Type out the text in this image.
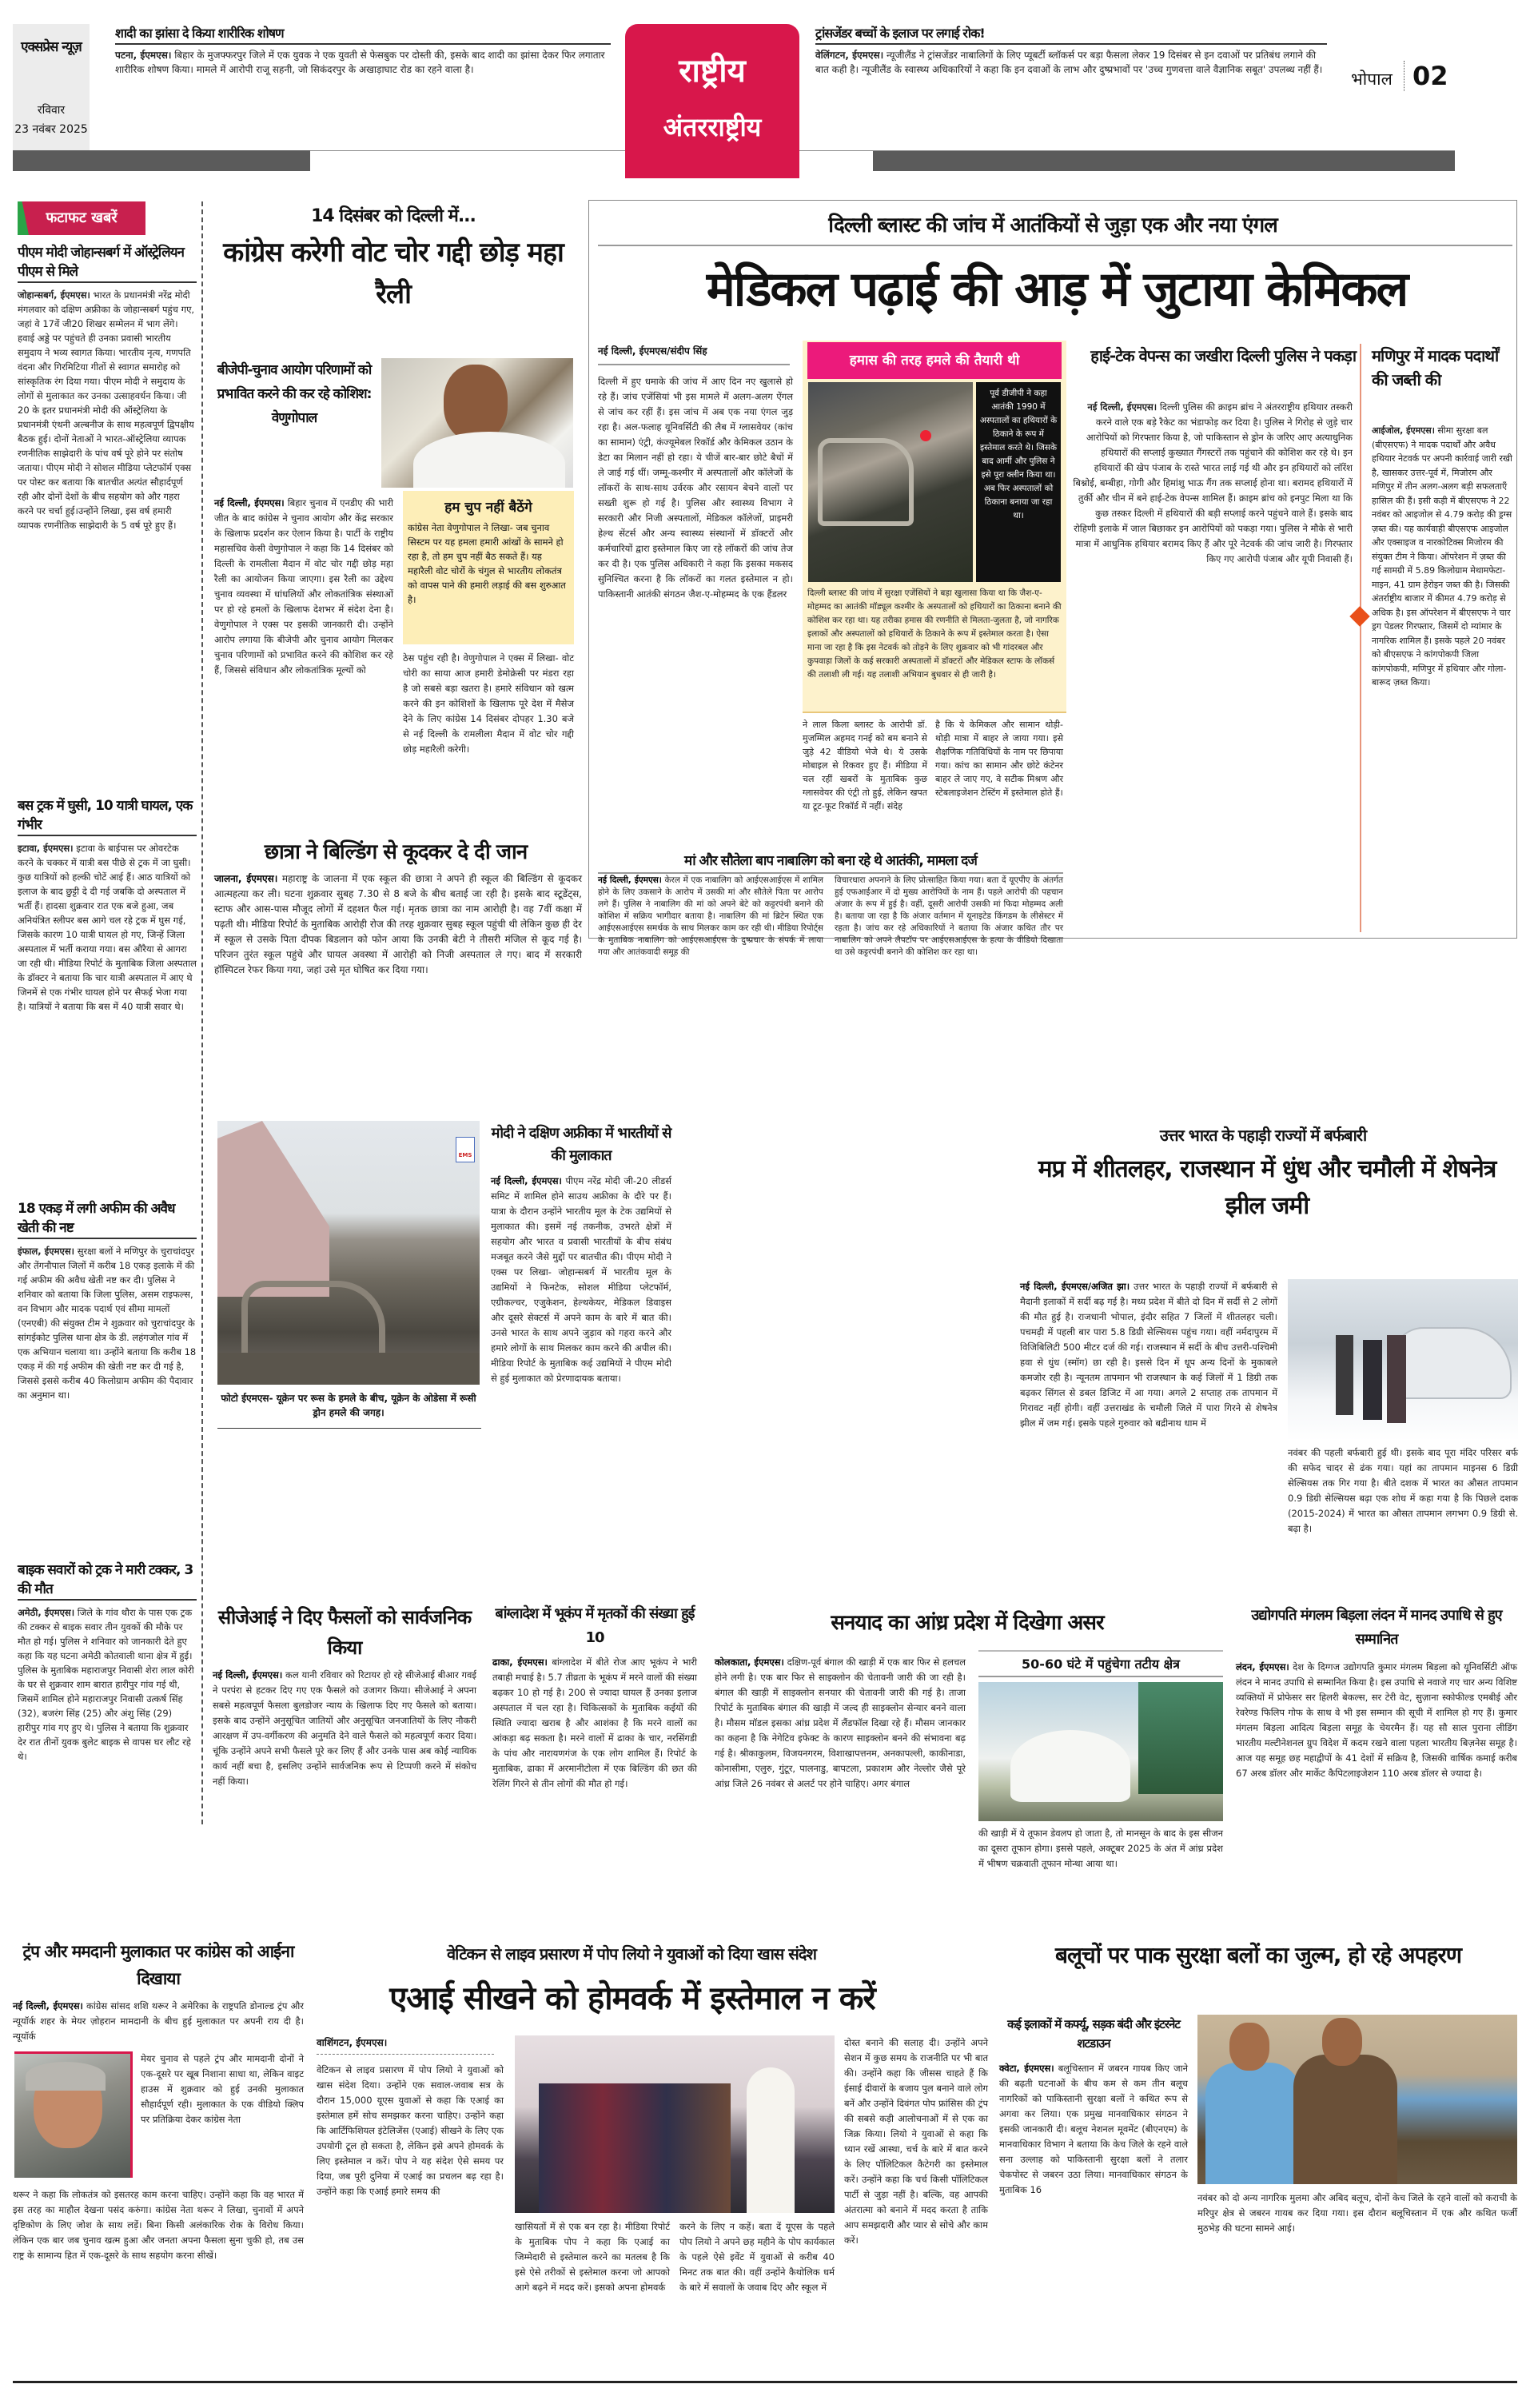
एक्सप्रेस न्यूज़
रविवार
23 नवंबर 2025
राष्ट्रीय
अंतरराष्ट्रीय
भोपाल 02
शादी का झांसा दे किया शारीरिक शोषण
पटना, ईएमएस। बिहार के मुजफ्फरपुर जिले में एक युवक ने एक युवती से फेसबुक पर दोस्ती की, इसके बाद शादी का झांसा देकर फिर लगातार शारीरिक शोषण किया। मामले में आरोपी राजू सहनी, जो सिकंदरपुर के अखाड़ाघाट रोड का रहने वाला है।
ट्रांसजेंडर बच्चों के इलाज पर लगाई रोक!
वेलिंगटन, ईएमएस। न्यूजीलैंड ने ट्रांसजेंडर नाबालिगों के लिए प्यूबर्टी ब्लॉकर्स पर बड़ा फैसला लेकर 19 दिसंबर से इन दवाओं पर प्रतिबंध लगाने की बात कही है। न्यूजीलैंड के स्वास्थ्य अधिकारियों ने कहा कि इन दवाओं के लाभ और दुष्प्रभावों पर 'उच्च गुणवत्ता वाले वैज्ञानिक सबूत' उपलब्ध नहीं हैं।
फटाफट खबरें
पीएम मोदी जोहान्सबर्ग में ऑस्ट्रेलियन पीएम से मिले
जोहान्सबर्ग, ईएमएस। भारत के प्रधानमंत्री नरेंद्र मोदी मंगलवार को दक्षिण अफ्रीका के जोहान्सबर्ग पहुंच गए, जहां वे 17वें जी20 शिखर सम्मेलन में भाग लेंगे। हवाई अड्डे पर पहुंचते ही उनका प्रवासी भारतीय समुदाय ने भव्य स्वागत किया। भारतीय नृत्य, गणपति वंदना और गिरमिटिया गीतों से स्वागत समारोह को सांस्कृतिक रंग दिया गया। पीएम मोदी ने समुदाय के लोगों से मुलाकात कर उनका उत्साहवर्धन किया। जी 20 के इतर प्रधानमंत्री मोदी की ऑस्ट्रेलिया के प्रधानमंत्री एंथनी अल्बनीज के साथ महत्वपूर्ण द्विपक्षीय बैठक हुई। दोनों नेताओं ने भारत-ऑस्ट्रेलिया व्यापक रणनीतिक साझेदारी के पांच वर्ष पूरे होने पर संतोष जताया। पीएम मोदी ने सोशल मीडिया प्लेटफॉर्म एक्स पर पोस्ट कर बताया कि बातचीत अत्यंत सौहार्दपूर्ण रही और दोनों देशों के बीच सहयोग को और गहरा करने पर चर्चा हुई।उन्होंने लिखा, इस वर्ष हमारी व्यापक रणनीतिक साझेदारी के 5 वर्ष पूरे हुए हैं।
बस ट्रक में घुसी, 10 यात्री घायल, एक गंभीर
इटावा, ईएमएस। इटावा के बाईपास पर ओवरटेक करने के चक्कर में यात्री बस पीछे से ट्रक में जा घुसी। कुछ यात्रियों को हल्की चोटें आई हैं। आठ यात्रियों को इलाज के बाद छुट्टी दे दी गई जबकि दो अस्पताल में भर्ती हैं। हादसा शुक्रवार रात एक बजे हुआ, जब अनियंत्रित स्लीपर बस आगे चल रहे ट्रक में घुस गई, जिसके कारण 10 यात्री घायल हो गए, जिन्हें जिला अस्पताल में भर्ती कराया गया। बस औरैया से आगरा जा रही थी। मीडिया रिपोर्ट के मुताबिक जिला अस्पताल के डॉक्टर ने बताया कि चार यात्री अस्पताल में आए थे जिनमें से एक गंभीर घायल होने पर सैफई भेजा गया है। यात्रियों ने बताया कि बस में 40 यात्री सवार थे।
18 एकड़ में लगी अफीम की अवैध खेती की नष्ट
इंफाल, ईएमएस। सुरक्षा बलों ने मणिपुर के चुराचांदपुर और तेंगनौपाल जिलों में करीब 18 एकड़ इलाके में की गई अफीम की अवैध खेती नष्ट कर दी। पुलिस ने शनिवार को बताया कि जिला पुलिस, असम राइफल्स, वन विभाग और मादक पदार्थ एवं सीमा मामलों (एनएबी) की संयुक्त टीम ने शुक्रवार को चुराचांदपुर के सांगईकोट पुलिस थाना क्षेत्र के डी. लहंगजोल गांव में एक अभियान चलाया था। उन्होंने बताया कि करीब 18 एकड़ में की गई अफीम की खेती नष्ट कर दी गई है, जिससे इससे करीब 40 किलोग्राम अफीम की पैदावार का अनुमान था।
बाइक सवारों को ट्रक ने मारी टक्कर, 3 की मौत
अमेठी, ईएमएस। जिले के गांव थौरा के पास एक ट्रक की टक्कर से बाइक सवार तीन युवकों की मौके पर मौत हो गई। पुलिस ने शनिवार को जानकारी देते हुए कहा कि यह घटना अमेठी कोतवाली थाना क्षेत्र में हुई। पुलिस के मुताबिक महाराजपुर निवासी शेरा लाल कोरी के घर से शुक्रवार शाम बारात हारीपुर गांव गई थी, जिसमें शामिल होने महाराजपुर निवासी उत्कर्ष सिंह (32), बजरंग सिंह (25) और अंशु सिंह (29) हारीपुर गांव गए हुए थे। पुलिस ने बताया कि शुक्रवार देर रात तीनों युवक बुलेट बाइक से वापस घर लौट रहे थे।
14 दिसंबर को दिल्ली में...
कांग्रेस करेगी वोट चोर गद्दी छोड़ महा रैली
बीजेपी-चुनाव आयोग परिणामों को प्रभावित करने की कर रहे कोशिश: वेणुगोपाल
हम चुप नहीं बैठेंगे
कांग्रेस नेता वेणुगोपाल ने लिखा- जब चुनाव सिस्टम पर यह हमला हमारी आंखों के सामने हो रहा है, तो हम चुप नहीं बैठ सकते हैं। यह महारैली वोट चोरों के चंगुल से भारतीय लोकतंत्र को वापस पाने की हमारी लड़ाई की बस शुरुआत है।
नई दिल्ली, ईएमएस। बिहार चुनाव में एनडीए की भारी जीत के बाद कांग्रेस ने चुनाव आयोग और केंद्र सरकार के खिलाफ प्रदर्शन कर ऐलान किया है। पार्टी के राष्ट्रीय महासचिव केसी वेणुगोपाल ने कहा कि 14 दिसंबर को दिल्ली के रामलीला मैदान में वोट चोर गद्दी छोड़ महा रैली का आयोजन किया जाएगा। इस रैली का उद्देश्य चुनाव व्यवस्था में धांधलियों और लोकतांत्रिक संस्थाओं पर हो रहे हमलों के खिलाफ देशभर में संदेश देना है। वेणुगोपाल ने एक्स पर इसकी जानकारी दी। उन्होंने आरोप लगाया कि बीजेपी और चुनाव आयोग मिलकर चुनाव परिणामों को प्रभावित करने की कोशिश कर रहे हैं, जिससे संविधान और लोकतांत्रिक मूल्यों को
ठेस पहुंच रही है। वेणुगोपाल ने एक्स में लिखा- वोट चोरी का साया आज हमारी डेमोक्रेसी पर मंडरा रहा है जो सबसे बड़ा खतरा है। हमारे संविधान को खत्म करने की इन कोशिशों के खिलाफ पूरे देश में मैसेज देने के लिए कांग्रेस 14 दिसंबर दोपहर 1.30 बजे से नई दिल्ली के रामलीला मैदान में वोट चोर गद्दी छोड़ महारैली करेगी।
छात्रा ने बिल्डिंग से कूदकर दे दी जान
जालना, ईएमएस। महाराष्ट्र के जालना में एक स्कूल की छात्रा ने अपने ही स्कूल की बिल्डिंग से कूदकर आत्महत्या कर ली। घटना शुक्रवार सुबह 7.30 से 8 बजे के बीच बताई जा रही है। इसके बाद स्टूडेंट्स, स्टाफ और आस-पास मौजूद लोगों में दहशत फैल गई। मृतक छात्रा का नाम आरोही है। वह 7वीं कक्षा में पढ़ती थी। मीडिया रिपोर्ट के मुताबिक आरोही रोज की तरह शुक्रवार सुबह स्कूल पहुंची थी लेकिन कुछ ही देर में स्कूल से उसके पिता दीपक बिडलान को फोन आया कि उनकी बेटी ने तीसरी मंजिल से कूद गई है। परिजन तुरंत स्कूल पहुंचे और घायल अवस्था में आरोही को निजी अस्पताल ले गए। बाद में सरकारी हॉस्पिटल रेफर किया गया, जहां उसे मृत घोषित कर दिया गया।
दिल्ली ब्लास्ट की जांच में आतंकियों से जुड़ा एक और नया एंगल
मेडिकल पढ़ाई की आड़ में जुटाया केमिकल
नई दिल्ली, ईएमएस/संदीप सिंह
दिल्ली में हुए धमाके की जांच में आए दिन नए खुलासे हो रहे हैं। जांच एजेंसियां भी इस मामले में अलग-अलग ऐंगल से जांच कर रहीं हैं। इस जांच में अब एक नया एंगल जुड़ रहा है। अल-फलाह यूनिवर्सिटी की लैब में ग्लासवेयर (कांच का सामान) एंट्री, कंज्यूमेबल रिकॉर्ड और केमिकल उठान के डेटा का मिलान नहीं हो रहा। ये चीजें बार-बार छोटे बैचों में ले जाई गई थीं। जम्मू-कश्मीर में अस्पतालों और कॉलेजों के लॉकरों के साथ-साथ उर्वरक और रसायन बेचने वालों पर सख्ती शुरू हो गई है। पुलिस और स्वास्थ्य विभाग ने सरकारी और निजी अस्पतालों, मेडिकल कॉलेजों, प्राइमरी हेल्थ सेंटर्स और अन्य स्वास्थ्य संस्थानों में डॉक्टरों और कर्मचारियों द्वारा इस्तेमाल किए जा रहे लॉकरों की जांच तेज कर दी है। एक पुलिस अधिकारी ने कहा कि इसका मकसद सुनिश्चित करना है कि लॉकरों का गलत इस्तेमाल न हो। पाकिस्तानी आतंकी संगठन जैश-ए-मोहम्मद के एक हैंडलर
हमास की तरह हमले की तैयारी थी
पूर्व डीजीपी ने कहा आतंकी 1990 में अस्पतालों का हथियारों के ठिकाने के रूप में इस्तेमाल करते थे। जिसके बाद आर्मी और पुलिस ने इसे पूरा क्लीन किया था। अब फिर अस्पतालों को ठिकाना बनाया जा रहा था।
दिल्ली ब्लास्ट की जांच में सुरक्षा एजेंसियों ने बड़ा खुलासा किया था कि जैश-ए-मोहम्मद का आतंकी मॉड्यूल कश्मीर के अस्पतालों को हथियारों का ठिकाना बनाने की कोशिश कर रहा था। यह तरीका हमास की रणनीति से मिलता-जुलता है, जो नागरिक इलाकों और अस्पतालों को हथियारों के ठिकाने के रूप में इस्तेमाल करता है। ऐसा माना जा रहा है कि इस नेटवर्क को तोड़ने के लिए शुक्रवार को भी गांदरबल और कुपवाड़ा जिलों के कई सरकारी अस्पतालों में डॉक्टरों और मेडिकल स्टाफ के लॉकर्स की तलाशी ली गई। यह तलाशी अभियान बुधवार से ही जारी है।
ने लाल किला ब्लास्ट के आरोपी डॉ. मुजम्मिल अहमद गनई को बम बनाने से जुड़े 42 वीडियो भेजे थे। ये उसके मोबाइल से रिकवर हुए हैं। मीडिया में चल रहीं खबरों के मुताबिक कुछ ग्लासवेयर की एंट्री तो हुई, लेकिन खपत या टूट-फूट रिकॉर्ड में नहीं। संदेह
है कि ये केमिकल और सामान थोड़ी-थोड़ी मात्रा में बाहर ले जाया गया। इसे शैक्षणिक गतिविधियों के नाम पर छिपाया गया। कांच का सामान और छोटे कंटेनर बाहर ले जाए गए, वे सटीक मिश्रण और स्टेबलाइजेशन टेस्टिंग में इस्तेमाल होते हैं।
मां और सौतेला बाप नाबालिग को बना रहे थे आतंकी, मामला दर्ज
नई दिल्ली, ईएमएस। केरल में एक नाबालिग को आईएसआईएस में शामिल होने के लिए उकसाने के आरोप में उसकी मां और सौतेले पिता पर आरोप लगे हैं। पुलिस ने नाबालिग की मां को अपने बेटे को कट्टरपंथी बनाने की कोशिश में सक्रिय भागीदार बताया है। नाबालिग की मां ब्रिटेन स्थित एक आईएसआईएस समर्थक के साथ मिलकर काम कर रही थी। मीडिया रिपोर्ट्स के मुताबिक नाबालिग को आईएसआईएस के दुष्प्रचार के संपर्क में लाया गया और आतंकवादी समूह की
विचारधारा अपनाने के लिए प्रोत्साहित किया गया। बता दें यूएपीए के अंतर्गत हुई एफआईआर में दो मुख्य आरोपियों के नाम हैं। पहले आरोपी की पहचान अंजार के रूप में हुई है। वहीं, दूसरी आरोपी उसकी मां फिदा मोहम्मद अली है। बताया जा रहा है कि अंजार वर्तमान में यूनाइटेड किंगडम के लीसेस्टर में रहता है। जांच कर रहे अधिकारियों ने बताया कि अंजार कथित तौर पर नाबालिग को अपने लैपटॉप पर आईएसआईएस के हत्या के वीडियो दिखाता था उसे कट्टरपंथी बनाने की कोशिश कर रहा था।
हाई-टेक वेपन्स का जखीरा दिल्ली पुलिस ने पकड़ा
नई दिल्ली, ईएमएस। दिल्ली पुलिस की क्राइम ब्रांच ने अंतरराष्ट्रीय हथियार तस्करी करने वाले एक बड़े रैकेट का भंडाफोड़ कर दिया है। पुलिस ने गिरोह से जुड़े चार आरोपियों को गिरफ्तार किया है, जो पाकिस्तान से ड्रोन के जरिए आए अत्याधुनिक हथियारों की सप्लाई कुख्यात गैंगस्टरों तक पहुंचाने की कोशिश कर रहे थे। इन हथियारों की खेप पंजाब के रास्ते भारत लाई गई थी और इन हथियारों को लॉरेंश बिश्नोई, बम्बीहा, गोगी और हिमांशु भाऊ गैंग तक सप्लाई होना था। बरामद हथियारों में तुर्की और चीन में बने हाई-टेक वेपन्स शामिल हैं। क्राइम ब्रांच को इनपुट मिला था कि कुछ तस्कर दिल्ली में हथियारों की बड़ी सप्लाई करने पहुंचने वाले हैं। इसके बाद रोहिणी इलाके में जाल बिछाकर इन आरोपियों को पकड़ा गया। पुलिस ने मौके से भारी मात्रा में आधुनिक हथियार बरामद किए हैं और पूरे नेटवर्क की जांच जारी है। गिरफ्तार किए गए आरोपी पंजाब और यूपी निवासी हैं।
मणिपुर में मादक पदार्थों की जब्ती की
आईजोल, ईएमएस। सीमा सुरक्षा बल (बीएसएफ) ने मादक पदार्थों और अवैध हथियार नेटवर्क पर अपनी कार्रवाई जारी रखी है, खासकर उत्तर-पूर्व में, मिजोरम और मणिपुर में तीन अलग-अलग बड़ी सफलताएँ हासिल की हैं। इसी कड़ी में बीएसएफ ने 22 नवंबर को आइजोल से 4.79 करोड़ की ड्रग्स ज़ब्त की। यह कार्यवाही बीएसएफ आइजोल और एक्साइज व नारकोटिक्स मिजोरम की संयुक्त टीम ने किया। ऑपरेशन में ज़ब्त की गई सामग्री में 5.89 किलोग्राम मेथामफेटा-माइन, 41 ग्राम हेरोइन जब्त की है। जिसकी अंतर्राष्ट्रीय बाजार में कीमत 4.79 करोड़ से अधिक है। इस ऑपरेशन में बीएसएफ ने चार ड्रग पेडलर गिरफ्तार, जिसमें दो म्यांमार के नागरिक शामिल हैं। इसके पहले 20 नवंबर को बीएसएफ ने कांगपोकपी जिला कांगपोकपी, मणिपुर में हथियार और गोला-बारूद ज़ब्त किया।
EMS
फोटो ईएमएस- यूक्रेन पर रूस के हमले के बीच, यूक्रेन के ओडेसा में रूसी ड्रोन हमले की जगह।
मोदी ने दक्षिण अफ्रीका में भारतीयों से की मुलाकात
नई दिल्ली, ईएमएस। पीएम नरेंद्र मोदी जी-20 लीडर्स समिट में शामिल होने साउथ अफ्रीका के दौरे पर हैं। यात्रा के दौरान उन्होंने भारतीय मूल के टेक उद्यमियों से मुलाकात की। इसमें नई तकनीक, उभरते क्षेत्रों में सहयोग और भारत व प्रवासी भारतीयों के बीच संबंध मजबूत करने जैसे मुद्दों पर बातचीत की। पीएम मोदी ने एक्स पर लिखा- जोहान्सबर्ग में भारतीय मूल के उद्यमियों ने फिनटेक, सोशल मीडिया प्लेटफॉर्म, एग्रीकल्चर, एजुकेशन, हेल्थकेयर, मेडिकल डिवाइस और दूसरे सेक्टर्स में अपने काम के बारे में बात की। उनसे भारत के साथ अपने जुड़ाव को गहरा करने और हमारे लोगों के साथ मिलकर काम करने की अपील की। मीडिया रिपोर्ट के मुताबिक कई उद्यमियों ने पीएम मोदी से हुई मुलाकात को प्रेरणादायक बताया।
उत्तर भारत के पहाड़ी राज्यों में बर्फबारी
मप्र में शीतलहर, राजस्थान में धुंध और चमौली में शेषनेत्र झील जमी
नई दिल्ली, ईएमएस/अजित झा। उत्तर भारत के पहाड़ी राज्यों में बर्फबारी से मैदानी इलाकों में सर्दी बढ़ गई है। मध्य प्रदेश में बीते दो दिन में सर्दी से 2 लोगों की मौत हुई है। राजधानी भोपाल, इंदौर सहित 7 जिलों में शीतलहर चली। पचमढ़ी में पहली बार पारा 5.8 डिग्री सेल्सियस पहुंच गया। वहीं नर्मदापुरम में विजिबिलिटी 500 मीटर दर्ज की गई। राजस्थान में सर्दी के बीच उत्तरी-पश्चिमी हवा से धुंध (स्मॉग) छा रही है। इससे दिन में धूप अन्य दिनों के मुकाबले कमजोर रही है। न्यूनतम तापमान भी राजस्थान के कई जिलों में 1 डिग्री तक बढ़कर सिंगल से डबल डिजिट में आ गया। अगले 2 सप्ताह तक तापमान में गिरावट नहीं होगी। वहीं उत्तराखंड के चमौली जिले में पारा गिरने से शेषनेत्र झील में जम गई। इसके पहले गुरुवार को बद्रीनाथ धाम में
नवंबर की पहली बर्फबारी हुई थी। इसके बाद पूरा मंदिर परिसर बर्फ की सफेद चादर से ढंक गया। यहां का तापमान माइनस 6 डिग्री सेल्सियस तक गिर गया है। बीते दशक में भारत का औसत तापमान 0.9 डिग्री सेल्सियस बढ़ा एक शोध में कहा गया है कि पिछले दशक (2015-2024) में भारत का औसत तापमान लगभग 0.9 डिग्री से. बढ़ा है।
सीजेआई ने दिए फैसलों को सार्वजनिक किया
नई दिल्ली, ईएमएस। कल यानी रविवार को रिटायर हो रहे सीजेआई बीआर गवई ने परपंरा से हटकर दिए गए एक फैसले को उजागर किया। सीजेआई ने अपना सबसे महत्वपूर्ण फैसला बुलडोजर न्याय के खिलाफ दिए गए फैसले को बताया। इसके बाद उन्होंने अनुसूचित जातियों और अनुसूचित जनजातियों के लिए नौकरी आरक्षण में उप-वर्गीकरण की अनुमति देने वाले फैसले को महत्वपूर्ण करार दिया। चूंकि उन्होंने अपने सभी फैसले पूरे कर लिए हैं और उनके पास अब कोई न्यायिक कार्य नहीं बचा है, इसलिए उन्होंने सार्वजनिक रूप से टिप्पणी करने में संकोच नहीं किया।
बांग्लादेश में भूकंप में मृतकों की संख्या हुई 10
ढाका, ईएमएस। बांग्लादेश में बीते रोज आए भूकंप ने भारी तबाही मचाई है। 5.7 तीव्रता के भूकंप में मरने वालों की संख्या बढ़कर 10 हो गई है। 200 से ज्यादा घायल हैं उनका इलाज अस्पताल में चल रहा है। चिकित्सकों के मुताबिक कईयों की स्थिति ज्यादा खराब है और आशंका है कि मरने वालों का आंकड़ा बढ़ सकता है। मरने वालों में ढाका के चार, नरसिंगडी के पांच और नारायणगंज के एक लोग शामिल हैं। रिपोर्ट के मुताबिक, ढाका में अरमानीटोला में एक बिल्डिंग की छत की रेलिंग गिरने से तीन लोगों की मौत हो गई।
सनयाद का आंध्र प्रदेश में दिखेगा असर
कोलकाता, ईएमएस। दक्षिण-पूर्व बंगाल की खाड़ी में एक बार फिर से हलचल होने लगी है। एक बार फिर से साइक्लोन की चेतावनी जारी की जा रही है। बंगाल की खाड़ी में साइक्लोन सनयार की चेतावनी जारी की गई है। ताजा रिपोर्ट के मुताबिक बंगाल की खाड़ी में जल्द ही साइक्लोन सेन्यार बनने वाला है। मौसम मॉडल इसका आंध्र प्रदेश में लैंडफॉल दिखा रहे हैं। मौसम जानकार का कहना है कि नेगेटिव इफेक्ट के कारण साइक्लोन बनने की संभावना बढ़ गई है। श्रीकाकुलम, विजयनगरम, विशाखापत्तनम, अनकापल्ली, काकीनाडा, कोनासीमा, एलुरु, गुंटूर, पालनाडु, बापटला, प्रकाशम और नेल्लोर जैसे पूरे आंध्र जिले 26 नवंबर से अलर्ट पर होने चाहिए। अगर बंगाल
50-60 घंटे में पहुंचेगा तटीय क्षेत्र
की खाड़ी में ये तूफान डेवलप हो जाता है, तो मानसून के बाद के इस सीजन का दूसरा तूफान होगा। इससे पहले, अक्टूबर 2025 के अंत में आंध्र प्रदेश में भीषण चक्रवाती तूफान मोन्था आया था।
उद्योगपति मंगलम बिड़ला लंदन में मानद उपाधि से हुए सम्मानित
लंदन, ईएमएस। देश के दिग्गज उद्योगपति कुमार मंगलम बिड़ला को यूनिवर्सिटी ऑफ लंदन ने मानद उपाधि से सम्मानित किया है। इस उपाधि से नवाजे गए चार अन्य विशिष्ट व्यक्तियों में प्रोफेसर सर हिलरी बेकल्स, सर टेरी वेट, सुज़ाना स्कोफील्ड एमबीई और रेवरेण्ड फिलिप गोफ के साथ वे भी इस सम्मान की सूची में शामिल हो गए हैं। कुमार मंगलम बिड़ला आदित्य बिड़ला समूह के चेयरमैन हैं। यह सौ साल पुराना लीडिंग भारतीय मल्टीनेशनल ग्रुप विदेश में कदम रखने वाला पहला भारतीय बिज़नेस समूह है। आज यह समूह छह महाद्वीपों के 41 देशों में सक्रिय है, जिसकी वार्षिक कमाई करीब 67 अरब डॉलर और मार्केट कैपिटलाइजेशन 110 अरब डॉलर से ज्यादा है।
ट्रंप और ममदानी मुलाकात पर कांग्रेस को आईना दिखाया
नई दिल्ली, ईएमएस। कांग्रेस सांसद शशि थरूर ने अमेरिका के राष्ट्रपति डोनाल्ड ट्रंप और न्यूयॉर्क शहर के मेयर ज़ोहरान मामदानी के बीच हुई मुलाकात पर अपनी राय दी है। न्यूयॉर्क
मेयर चुनाव से पहले ट्रंप और मामदानी दोनों ने एक-दूसरे पर खूब निशाना साधा था, लेकिन वाइट हाउस में शुक्रवार को हुई उनकी मुलाकात सौहार्दपूर्ण रही। मुलाकात के एक वीडियो क्लिप पर प्रतिक्रिया देकर कांग्रेस नेता
थरूर ने कहा कि लोकतंत्र को इसतरह काम करना चाहिए। उन्होंने कहा कि वह भारत में इस तरह का माहौल देखना पसंद करुंगा। कांग्रेस नेता थरूर ने लिखा, चुनावों में अपने दृष्टिकोण के लिए जोश के साथ लड़ें। बिना किसी अलंकारिक रोक के विरोध किया। लेकिन एक बार जब चुनाव खत्म हुआ और जनता अपना फैसला सुना चुकी हो, तब उस राष्ट्र के सामान्य हित में एक-दूसरे के साथ सहयोग करना सीखें।
वेटिकन से लाइव प्रसारण में पोप लियो ने युवाओं को दिया खास संदेश
एआई सीखने को होमवर्क में इस्तेमाल न करें
वाशिंगटन, ईएमएस।
वेटिकन से लाइव प्रसारण में पोप लियो ने युवाओं को खास संदेश दिया। उन्होंने एक सवाल-जवाब सत्र के दौरान 15,000 यूएस युवाओं से कहा कि एआई का इस्तेमाल हमें सोच समझकर करना चाहिए। उन्होंने कहा कि आर्टिफिशियल इंटेलिजेंस (एआई) सीखने के लिए एक उपयोगी टूल हो सकता है, लेकिन इसे अपने होमवर्क के लिए इस्तेमाल न करें। पोप ने यह संदेश ऐसे समय पर दिया, जब पूरी दुनिया में एआई का प्रचलन बढ़ रहा है। उन्होंने कहा कि एआई हमारे समय की
खासियतों में से एक बन रहा है। मीडिया रिपोर्ट के मुताबिक पोप ने कहा कि एआई का जिम्मेदारी से इस्तेमाल करने का मतलब है कि इसे ऐसे तरीकों से इस्तेमाल करना जो आपको आगे बढ़ने में मदद करें। इसको अपना होमवर्क
करने के लिए न कहें। बता दें यूएस के पहले पोप लियो ने अपने छह महीने के पोप कार्यकाल के पहले ऐसे इवेंट में युवाओं से करीब 40 मिनट तक बात की। वहीं उन्होंने कैथोलिक धर्म के बारे में सवालों के जवाब दिए और स्कूल में
दोस्त बनाने की सलाह दी। उन्होंने अपने सेशन में कुछ समय के राजनीति पर भी बात की। उन्होंने कहा कि जीसस चाहते हैं कि ईसाई दीवारों के बजाय पुल बनाने वाले लोग बनें और उन्होंने दिवंगत पोप फ्रांसिस की ट्रंप की सबसे कड़ी आलोचनाओं में से एक का जिक्र किया। लियो ने युवाओं से कहा कि ध्यान रखें आस्था, चर्च के बारे में बात करने के लिए पॉलिटिकल कैटेगरी का इस्तेमाल करें। उन्होंने कहा कि चर्च किसी पॉलिटिकल पार्टी से जुड़ा नहीं है। बल्कि, वह आपकी अंतरात्मा को बनाने में मदद करता है ताकि आप समझदारी और प्यार से सोचे और काम करें।
बलूचों पर पाक सुरक्षा बलों का जुल्म, हो रहे अपहरण
कई इलाकों में कर्फ्यू, सड़क बंदी और इंटरनेट शटडाउन
क्वेटा, ईएमएस। बलूचिस्तान में जबरन गायब किए जाने की बढ़ती घटनाओं के बीच कम से कम तीन बलूच नागरिकों को पाकिस्तानी सुरक्षा बलों ने कथित रूप से अगवा कर लिया। एक प्रमुख मानवाधिकार संगठन ने इसकी जानकारी दी। बलूच नेशनल मूवमेंट (बीएनएम) के मानवाधिकार विभाग ने बताया कि केच जिले के रहने वाले सना उल्लाह को पाकिस्तानी सुरक्षा बलों ने तलार चेकपोस्ट से जबरन उठा लिया। मानवाधिकार संगठन के मुताबिक 16
नवंबर को दो अन्य नागरिक मुलमा और अबिद बलूच, दोनों केच जिले के रहने वालों को कराची के मरिपुर क्षेत्र से जबरन गायब कर दिया गया। इस दौरान बलूचिस्तान में एक और कथित फर्जी मुठभेड़ की घटना सामने आई।
